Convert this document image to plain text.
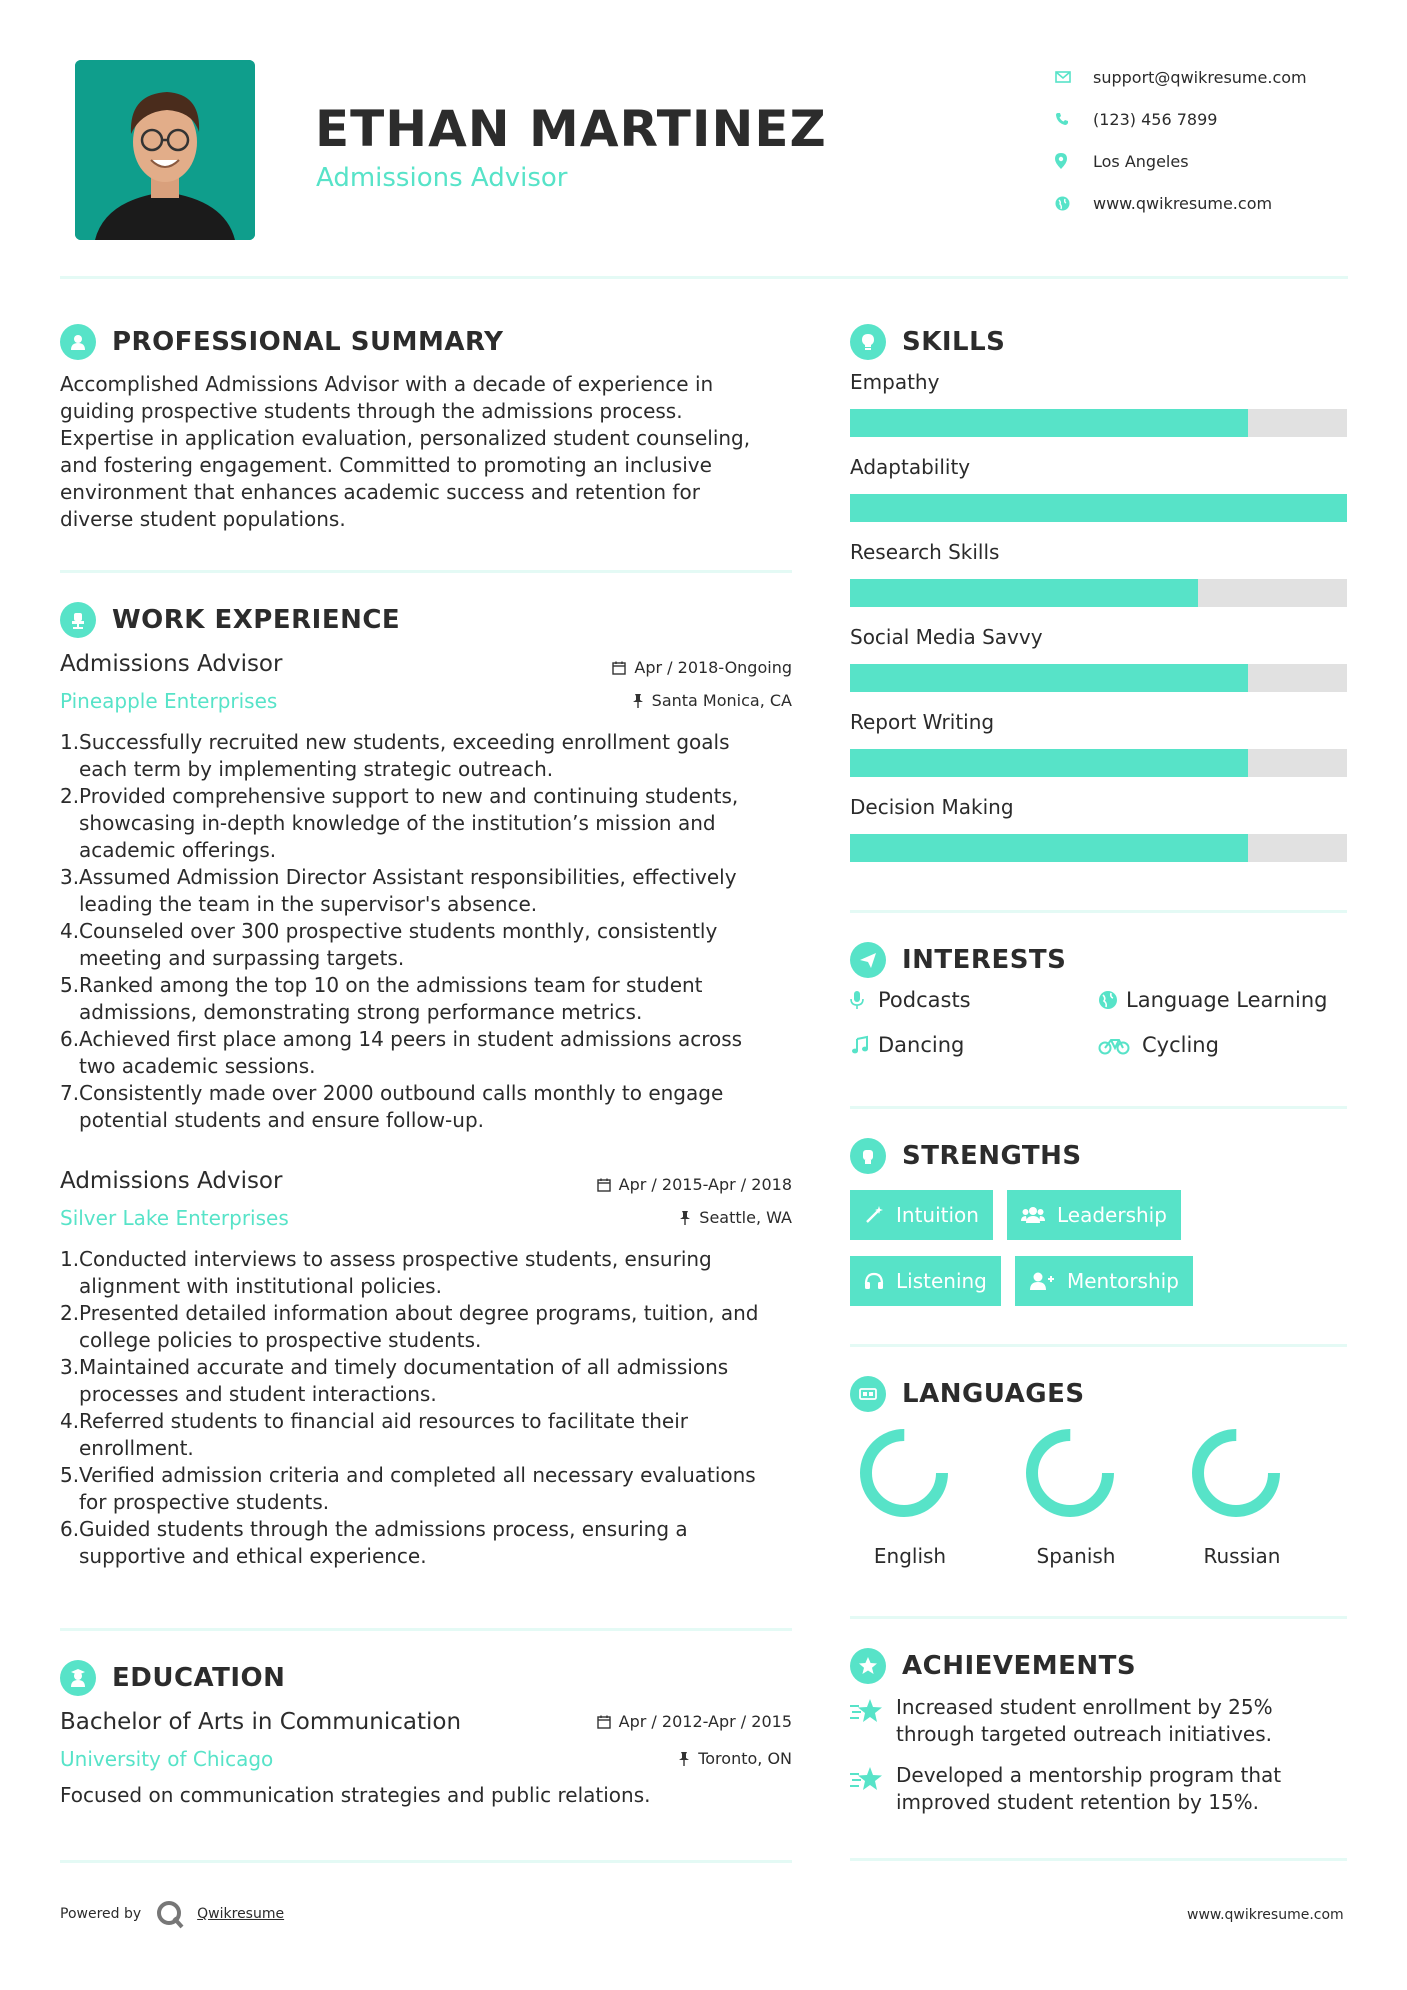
ETHAN MARTINEZ
Admissions Advisor
support@qwikresume.com
(123) 456 7899
Los Angeles
www.qwikresume.com
PROFESSIONAL SUMMARY
Accomplished Admissions Advisor with a decade of experience in
guiding prospective students through the admissions process.
Expertise in application evaluation, personalized student counseling,
and fostering engagement. Committed to promoting an inclusive
environment that enhances academic success and retention for
diverse student populations.
WORK EXPERIENCE
Admissions Advisor
Pineapple Enterprises
Apr / 2018-Ongoing
Santa Monica, CA
1. Successfully recruited new students, exceeding enrollment goals
each term by implementing strategic outreach.
2. Provided comprehensive support to new and continuing students,
showcasing in-depth knowledge of the institution’s mission and
academic offerings.
3. Assumed Admission Director Assistant responsibilities, effectively
leading the team in the supervisor's absence.
4. Counseled over 300 prospective students monthly, consistently
meeting and surpassing targets.
5. Ranked among the top 10 on the admissions team for student
admissions, demonstrating strong performance metrics.
6. Achieved first place among 14 peers in student admissions across
two academic sessions.
7. Consistently made over 2000 outbound calls monthly to engage
potential students and ensure follow-up.
Admissions Advisor
Silver Lake Enterprises
Apr / 2015-Apr / 2018
Seattle, WA
1. Conducted interviews to assess prospective students, ensuring
alignment with institutional policies.
2. Presented detailed information about degree programs, tuition, and
college policies to prospective students.
3. Maintained accurate and timely documentation of all admissions
processes and student interactions.
4. Referred students to financial aid resources to facilitate their
enrollment.
5. Verified admission criteria and completed all necessary evaluations
for prospective students.
6. Guided students through the admissions process, ensuring a
supportive and ethical experience.
EDUCATION
Bachelor of Arts in Communication
University of Chicago
Apr / 2012-Apr / 2015
Toronto, ON
Focused on communication strategies and public relations.
SKILLS
Empathy
Adaptability
Research Skills
Social Media Savvy
Report Writing
Decision Making
INTERESTS
Podcasts	Language Learning
Dancing	Cycling
STRENGTHS
Intuition	Leadership
Listening	Mentorship
LANGUAGES
English	Spanish	Russian
ACHIEVEMENTS
Increased student enrollment by 25%
through targeted outreach initiatives.
Developed a mentorship program that
improved student retention by 15%.
Powered by	Qwikresume	www.qwikresume.com
